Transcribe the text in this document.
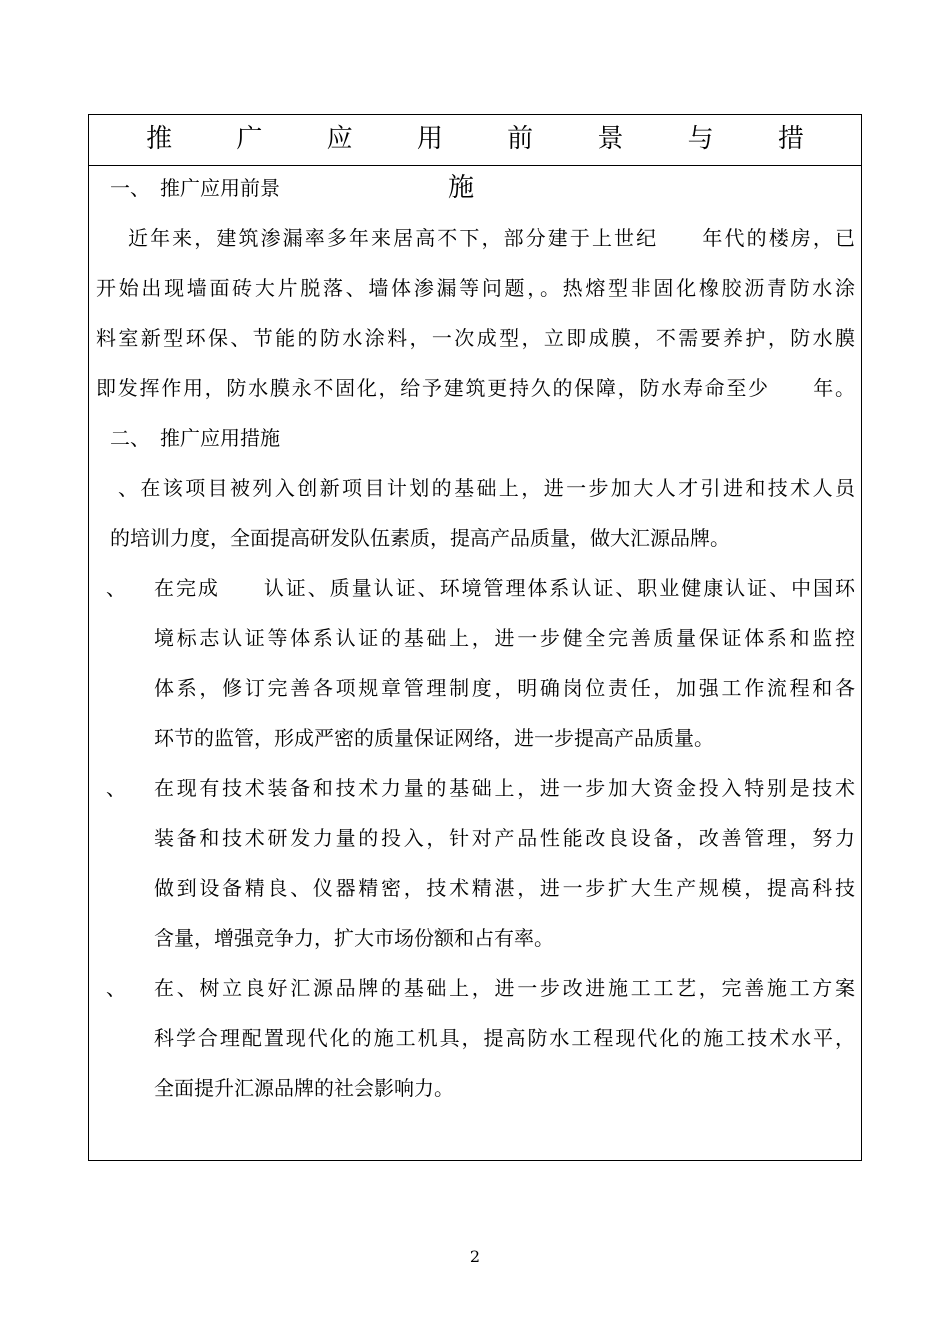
推 广 应 用 前 景 与 措 施
一、　推广应用前景
近年来，建筑渗漏率多年来居高不下，部分建于上世纪　　年代的楼房，已
开始出现墙面砖大片脱落、墙体渗漏等问题，。热熔型非固化橡胶沥青防水涂
料室新型环保、节能的防水涂料，一次成型，立即成膜，不需要养护，防水膜
即发挥作用，防水膜永不固化，给予建筑更持久的保障，防水寿命至少　　年。
二、　推广应用措施
、在该项目被列入创新项目计划的基础上，进一步加大人才引进和技术人员
的培训力度，全面提高研发队伍素质，提高产品质量，做大汇源品牌。
、 在完成　　认证、质量认证、环境管理体系认证、职业健康认证、中国环
境标志认证等体系认证的基础上，进一步健全完善质量保证体系和监控
体系，修订完善各项规章管理制度，明确岗位责任，加强工作流程和各
环节的监管，形成严密的质量保证网络，进一步提高产品质量。
、 在现有技术装备和技术力量的基础上，进一步加大资金投入特别是技术
装备和技术研发力量的投入，针对产品性能改良设备，改善管理，努力
做到设备精良、仪器精密，技术精湛，进一步扩大生产规模，提高科技
含量，增强竞争力，扩大市场份额和占有率。
、 在、树立良好汇源品牌的基础上，进一步改进施工工艺，完善施工方案
科学合理配置现代化的施工机具，提高防水工程现代化的施工技术水平，
全面提升汇源品牌的社会影响力。
2
